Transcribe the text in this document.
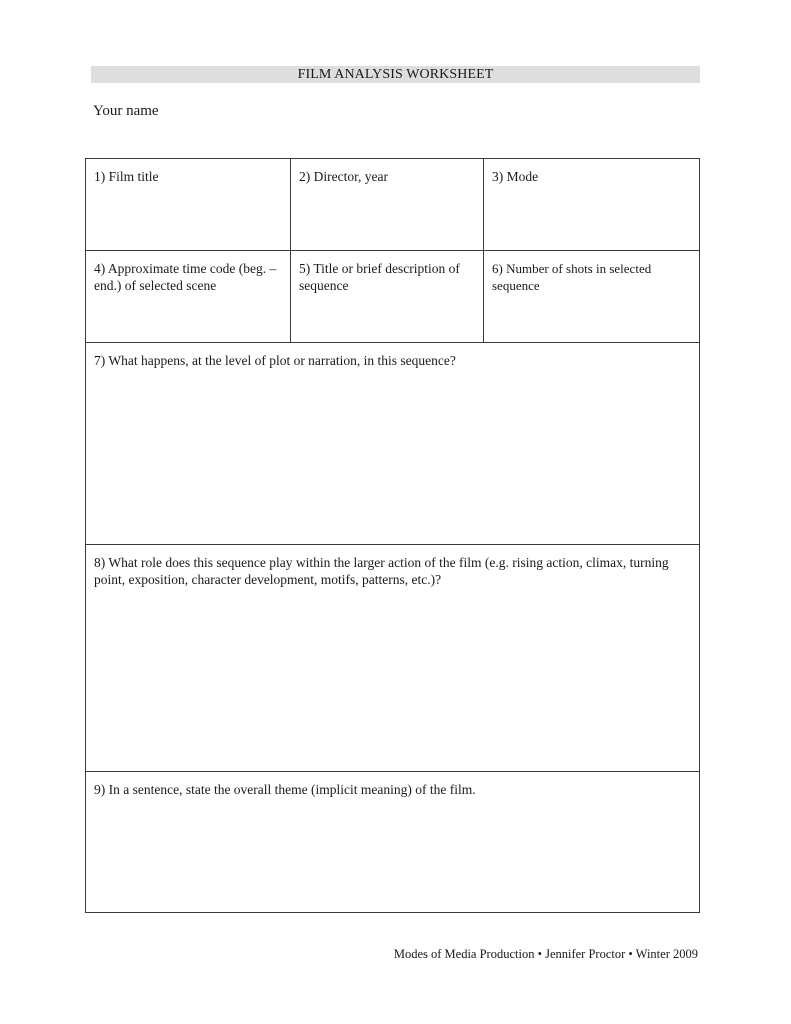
FILM ANALYSIS WORKSHEET
Your name
1) Film title	2) Director, year	3) Mode
4) Approximate time code (beg. – end.) of selected scene	5) Title or brief description of sequence	6) Number of shots in selected sequence
7) What happens, at the level of plot or narration, in this sequence?		
8) What role does this sequence play within the larger action of the film (e.g. rising action, climax, turning point, exposition, character development, motifs, patterns, etc.)?		
9) In a sentence, state the overall theme (implicit meaning) of the film.		
Modes of Media Production • Jennifer Proctor • Winter 2009
